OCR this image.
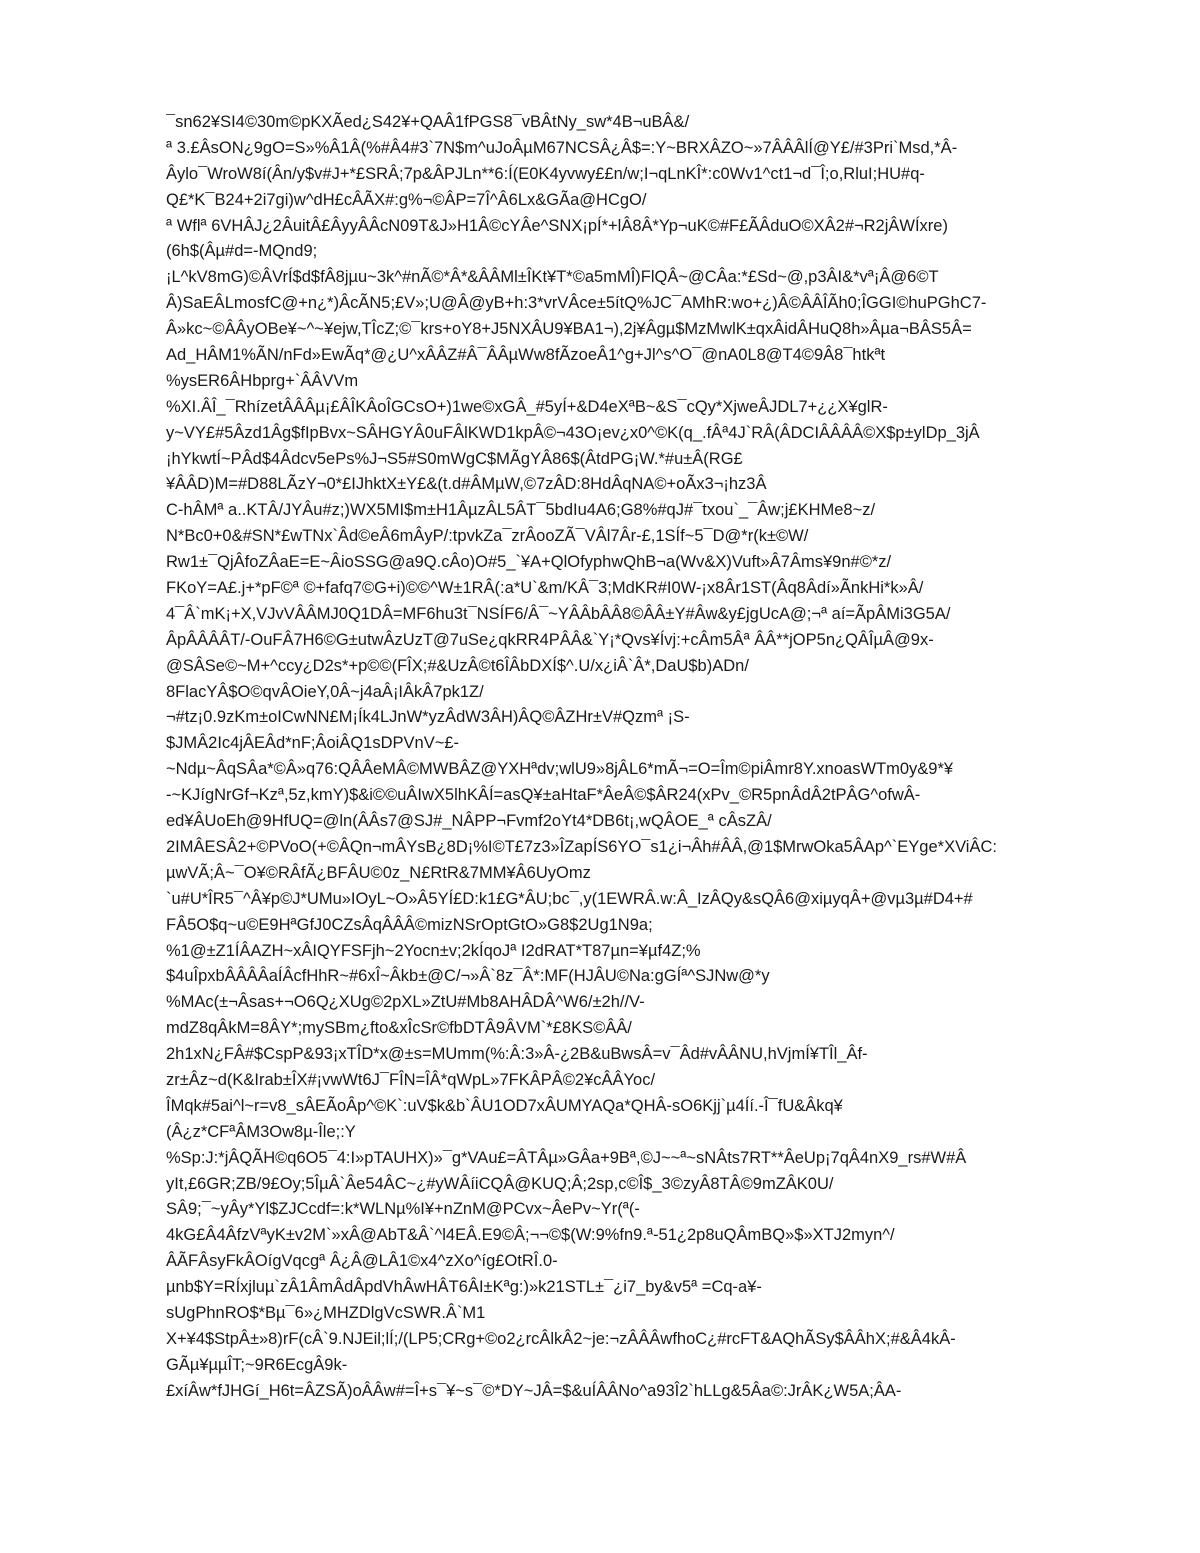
¯sn62¥SI4©30m©pKXÃed¿S42¥+QAÂ1fPGS8¯vBÂtNy_sw*4B¬uBÂ&/
ª 3.£ÂsON¿9gO=S»%Â1Â(%#Â4#3`7N$m^uJoÂµM67NCSÂ¿Â$=:Y~BRXÂZO~»7ÂÂÂlÍ@Y£/#3Pri`Msd,*Â-
Âylo¯WroW8í(Ân/y$v#J+*£SRÂ;7p&ÂPJLn**6:Í(E0K4yvwy££n/w;I¬qLnKÎ*:c0Wv1^ct1¬d¯Î;o,RluI;HU#q-
Q£*K¯B24+2i7gi)w^dH£cÂÃX#:g%¬©ÂP=7Î^Â6Lx&GÃa@HCgO/
ª Wflª 6VHÂJ¿2ÂuitÂ£ÂyyÂÂcN09T&J»H1Â©cYÂe^SNX¡pÍ*+lÂ8Â*Yp¬uK©#F£ÃÂduO©XÂ2#¬R2jÂWÍxre)
(6h$(Âµ#d=-MQnd9;
¡L^kV8mG)©ÂVrÍ$d$fÂ8jµu~3k^#nÃ©*Â*&ÂÂMl±ÎKt¥T*©a5mMÎ)FlQÂ~@CÂa:*£Sd~@,p3ÂI&*vª¡Â@6©T
Â)SaEÂLmosfC@+n¿*)ÂcÃN5;£V»;U@Â@yB+h:3*vrVÂce±5ítQ%JC¯AMhR:wo+¿)Â©ÂÂÎÃh0;ÎGGI©huPGhC7-
Â»kc~©ÂÂyOBe¥~^~¥ejw,TÎcZ;©¯krs+oY8+J5NXÂU9¥BA1¬),2j¥Âgµ$MzMwlK±qxÂidÂHuQ8h»Âµa¬BÂS5Â=
Ad_HÂM1%ÃN/nFd»EwÃq*@¿U^xÂÂZ#Â¯ÂÂµWw8fÃzoeÂ1^g+Jl^s^O¯@nA0L8@T4©9Â8¯htkªt
%ysER6ÂHbprg+`ÂÂVVm
%XI.ÂÎ_¯RhízetÂÂÂµ¡£ÂÎKÂoÎGCsO+)1we©xGÂ_#5yÍ+&D4eXªB~&S¯cQy*XjweÂJDL7+¿¿X¥glR-
y~VY£#5Âzd1Âg$fIpBvx~SÂHGYÂ0uFÂlKWD1kpÂ©¬43O¡ev¿x0^©K(q_.fÂª4J`RÂ(ÂDCIÂÂÂÂ©X$p±ylDp_3jÂ
¡hYkwtÍ~PÂd$4Âdcv5ePs%J¬S5#S0mWgC$MÃgYÂ86$(ÂtdPG¡W.*#u±Â(RG£
¥ÂÂD)M=#D88LÃzY¬0*£IJhktX±Y£&(t.d#ÂMµW,©7zÂD:8HdÂqNA©+oÃx3¬¡hz3Â
C-hÂMª a..KTÂ/JYÂu#z;)WX5MI$m±H1ÂµzÂL5ÂT¯5bdIu4A6;G8%#qJ#¯txou`_¯Âw;j£KHMe8~z/
N*Bc0+0&#SN*£wTNx`Âd©eÂ6mÂyP/:tpvkZa¯zrÂooZÃ¯VÂl7Âr-£,1SÍf~5¯D@*r(k±©W/
Rw1±¯QjÂfoZÂaE=E~ÂioSSG@a9Q.cÂo)O#5_`¥A+QlOfyphwQhB¬a(Wv&X)Vuft»Â7Âms¥9n#©*z/
FKoY=A£.j+*pF©ª ©+fafq7©G+i)©©^W±1RÂ(:a*U`&m/KÂ¯3;MdKR#I0W-¡x8Âr1ST(Âq8Âdí»ÃnkHi*k»Â/
4¯Â`mK¡+X,VJvVÂÂMJ0Q1DÂ=MF6hu3t¯NSÍF6/Â¯~YÂÂbÂÂ8©ÂÂ±Y#Âw&y£jgUcA@;¬ª aí=ÃpÂMi3G5A/
ÂpÂÂÂÂT/-OuFÂ7H6©G±utwÂzUzT@7uSe¿qkRR4PÂÂ&`Y¡*Qvs¥Ívj:+cÂm5Âª ÂÂ**jOP5n¿QÂÎµÂ@9x-
@SÂSe©~M+^ccy¿D2s*+p©©(FÎX;#&UzÂ©t6ÎÂbDXÍ$^.U/x¿iÂ`Â*,DaU$b)ADn/
8FlacYÂ$O©qvÂOieY,0Â~j4aÂ¡IÂkÂ7pk1Z/
¬#tz¡0.9zKm±oICwNN£M¡Ík4LJnW*yzÂdW3ÂH)ÂQ©ÂZHr±V#Qzmª ¡S-
$JMÂ2Ic4jÂEÂd*nF;ÂoiÂQ1sDPVnV~£-
~Ndµ~ÂqSÂa*©Â»q76:QÂÂeMÂ©MWBÂZ@YXHªdv;wlU9»8jÂL6*mÃ¬=O=Îm©piÂmr8Y.xnoasWTm0y&9*¥
-~KJígNrGf¬Kzª,5z,kmY)$&i©©uÂIwX5lhKÂÍ=asQ¥±aHtaF*ÂeÂ©$ÂR24(xPv_©R5pnÂdÂ2tPÂG^ofwÂ-
ed¥ÂUoEh@9HfUQ=@ln(ÂÂs7@SJ#_NÂPP¬Fvmf2oYt4*DB6t¡,wQÂOE_ª cÂsZÂ/
2IMÂESÂ2+©PVoO(+©ÂQn¬mÂYsB¿8D¡%I©T£7z3»ÎZapÍS6YO¯s1¿i¬Âh#ÂÂ,@1$MrwOka5ÂAp^`EYge*XViÂC:
µwVÃ;Â~¯O¥©RÂfÃ¿BFÂU©0z_N£RtR&7MM¥Â6UyOmz
`u#U*ÎR5¯^Â¥p©J*UMu»IOyL~O»Â5YÍ£D:k1£G*ÂU;bc¯,y(1EWRÂ.w:Â_IzÂQy&sQÂ6@xiµyqÂ+@vµ3µ#D4+#
FÂ5O$q~u©E9HªGfJ0CZsÂqÂÂÂ©mizNSrOptGtO»G8$2Ug1N9a;
%1@±Z1ÍÂAZH~xÂIQYFSFjh~2Yocn±v;2kÍqoJª I2dRAT*T87µn=¥µf4Z;%
$4uÎpxbÂÂÂÂaÍÂcfHhR~#6xÎ~Âkb±@C/¬»Â`8z¯Â*:MF(HJÂU©Na:gGÍª^SJNw@*y
%MAc(±¬Âsas+¬O6Q¿XUg©2pXL»ZtU#Mb8AHÂDÂ^W6/±2h//V-
mdZ8qÂkM=8ÂY*;mySBm¿fto&xÎcSr©fbDTÂ9ÂVM`*£8KS©ÂÂ/
2h1xN¿FÂ#$CspP&93¡xTÎD*x@±s=MUmm(%:Â:3»Â-¿2B&uBwsÂ=v¯Âd#vÂÂNU,hVjmÍ¥TÎl_Âf-
zr±Âz~d(K&Irab±ÎX#¡vwWt6J¯FÎN=ÎÂ*qWpL»7FKÂPÂ©2¥cÂÂYoc/
ÎMqk#5ai^l~r=v8_sÂEÃoÂp^©K`:uV$k&b`ÂU1OD7xÂUMYAQa*QHÂ-sO6Kjj`µ4Íí.-Î¯fU&Âkq¥
(Â¿z*CFªÂM3Ow8µ-Île;:Y
%Sp:J:*jÂQÃH©q6O5¯4:I»pTAUHX)»¯g*VAu£=ÂTÂµ»GÂa+9Bª,©J~~ª~sNÂts7RT**ÂeUp¡7qÂ4nX9_rs#W#Â
yIt,£6GR;ZB/9£Oy;5ÎµÂ`Âe54ÂC~¿#yWÂíiCQÂ@KUQ;Â;2sp,c©Î$_3©zyÂ8TÂ©9mZÂK0U/
SÂ9;¯~yÂy*Yl$ZJCcdf=:k*WLNµ%I¥+nZnM@PCvx~ÂePv~Yr(ª(-
4kG£Â4ÂfzVªyK±v2M`»xÂ@AbT&Â`^l4EÂ.E9©Â;¬¬©$(W:9%fn9.ª-51¿2p8uQÂmBQ»$»XTJ2myn^/
ÂÃFÂsyFkÂOígVqcgª Â¿Â@LÂ1©x4^zXo^íg£OtRÎ.0-
µnb$Y=RÍxjluµ`zÂ1ÂmÂdÂpdVhÂwHÂT6ÂI±Kªg:)»k21STL±¯¿i7_by&v5ª =Cq-a¥-
sUgPhnRO$*Bµ¯6»¿MHZDlgVcSWR.Â`M1
X+¥4$StpÂ±»8)rF(cÂ`9.NJEil;lÍ;/(LP5;CRg+©o2¿rcÂlkÂ2~je:¬zÂÂÂwfhoC¿#rcFT&AQhÃSy$ÂÂhX;#&Â4kÂ-
GÃµ¥µµÎT;~9R6EcgÂ9k-
£xíÂw*fJHGí_H6t=ÂZSÃ)oÂÂw#=Î+s¯¥~s¯©*DY~JÂ=$&uÍÂÂNo^a93Î2`hLLg&5Âa©:JrÂK¿W5A;ÂA-
